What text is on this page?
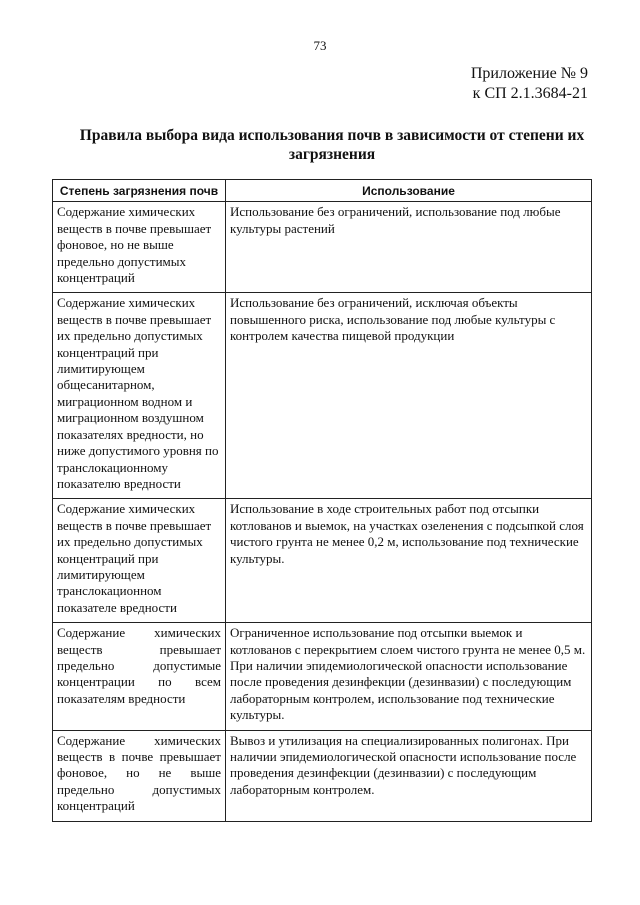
73
Приложение № 9
к СП 2.1.3684-21
Правила выбора вида использования почв в зависимости от степени их загрязнения
Степень загрязнения почв	Использование
Содержание химических веществ в почве превышает фоновое, но не выше предельно допустимых концентраций	Использование без ограничений, использование под любые культуры растений
Содержание химических веществ в почве превышает их предельно допустимых концентраций при лимитирующем общесанитарном, миграционном водном и миграционном воздушном показателях вредности, но ниже допустимого уровня по транслокационному показателю вредности	Использование без ограничений, исключая объекты повышенного риска, использование под любые культуры с контролем качества пищевой продукции
Содержание химических веществ в почве превышает их предельно допустимых концентраций при лимитирующем транслокационном показателе вредности	Использование в ходе строительных работ под отсыпки котлованов и выемок, на участках озеленения с подсыпкой слоя чистого грунта не менее 0,2 м, использование под технические культуры.
Содержание химических веществ превышает предельно допустимые концентрации по всем показателям вредности	Ограниченное использование под отсыпки выемок и котлованов с перекрытием слоем чистого грунта не менее 0,5 м. При наличии эпидемиологической опасности использование после проведения дезинфекции (дезинвазии) с последующим лабораторным контролем, использование под технические культуры.
Содержание химических веществ в почве превышает фоновое, но не выше предельно допустимых концентраций	Вывоз и утилизация на специализированных полигонах. При наличии эпидемиологической опасности использование после проведения дезинфекции (дезинвазии) с последующим лабораторным контролем.
